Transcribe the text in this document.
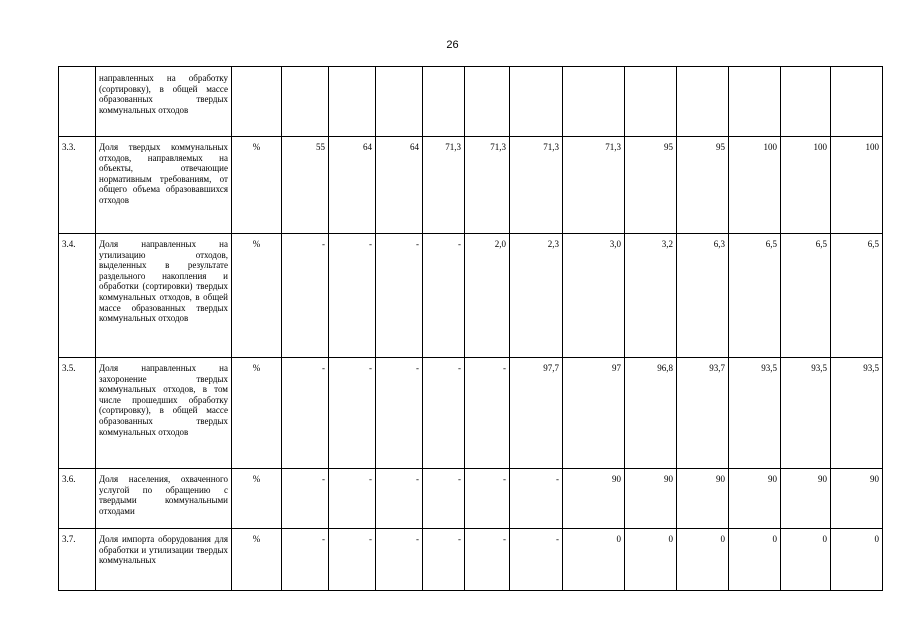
26

	направленных на обработку (сортировку), в общей массе образованных твердых коммунальных отходов													

3.3.	Доля твердых коммунальных отходов, направляемых на объекты, отвечающие нормативным требованиям, от общего объема образовавшихся отходов	%	55	64	64	71,3	71,3	71,3	71,3	95	95	100	100	100
3.4.	Доля направленных на утилизацию отходов, выделенных в результате раздельного накопления и обработки (сортировки) твердых коммунальных отходов, в общей массе образованных твердых коммунальных отходов	%	-	-	-	-	2,0	2,3	3,0	3,2	6,3	6,5	6,5	6,5
3.5.	Доля направленных на захоронение твердых коммунальных отходов, в том числе прошедших обработку (сортировку), в общей массе образованных твердых коммунальных отходов	%	-	-	-	-	-	97,7	97	96,8	93,7	93,5	93,5	93,5
3.6.	Доля населения, охваченного услугой по обращению с твердыми коммунальными отходами	%	-	-	-	-	-	-	90	90	90	90	90	90
3.7.	Доля импорта оборудования для обработки и утилизации твердых коммунальных	%	-	-	-	-	-	-	0	0	0	0	0	0
